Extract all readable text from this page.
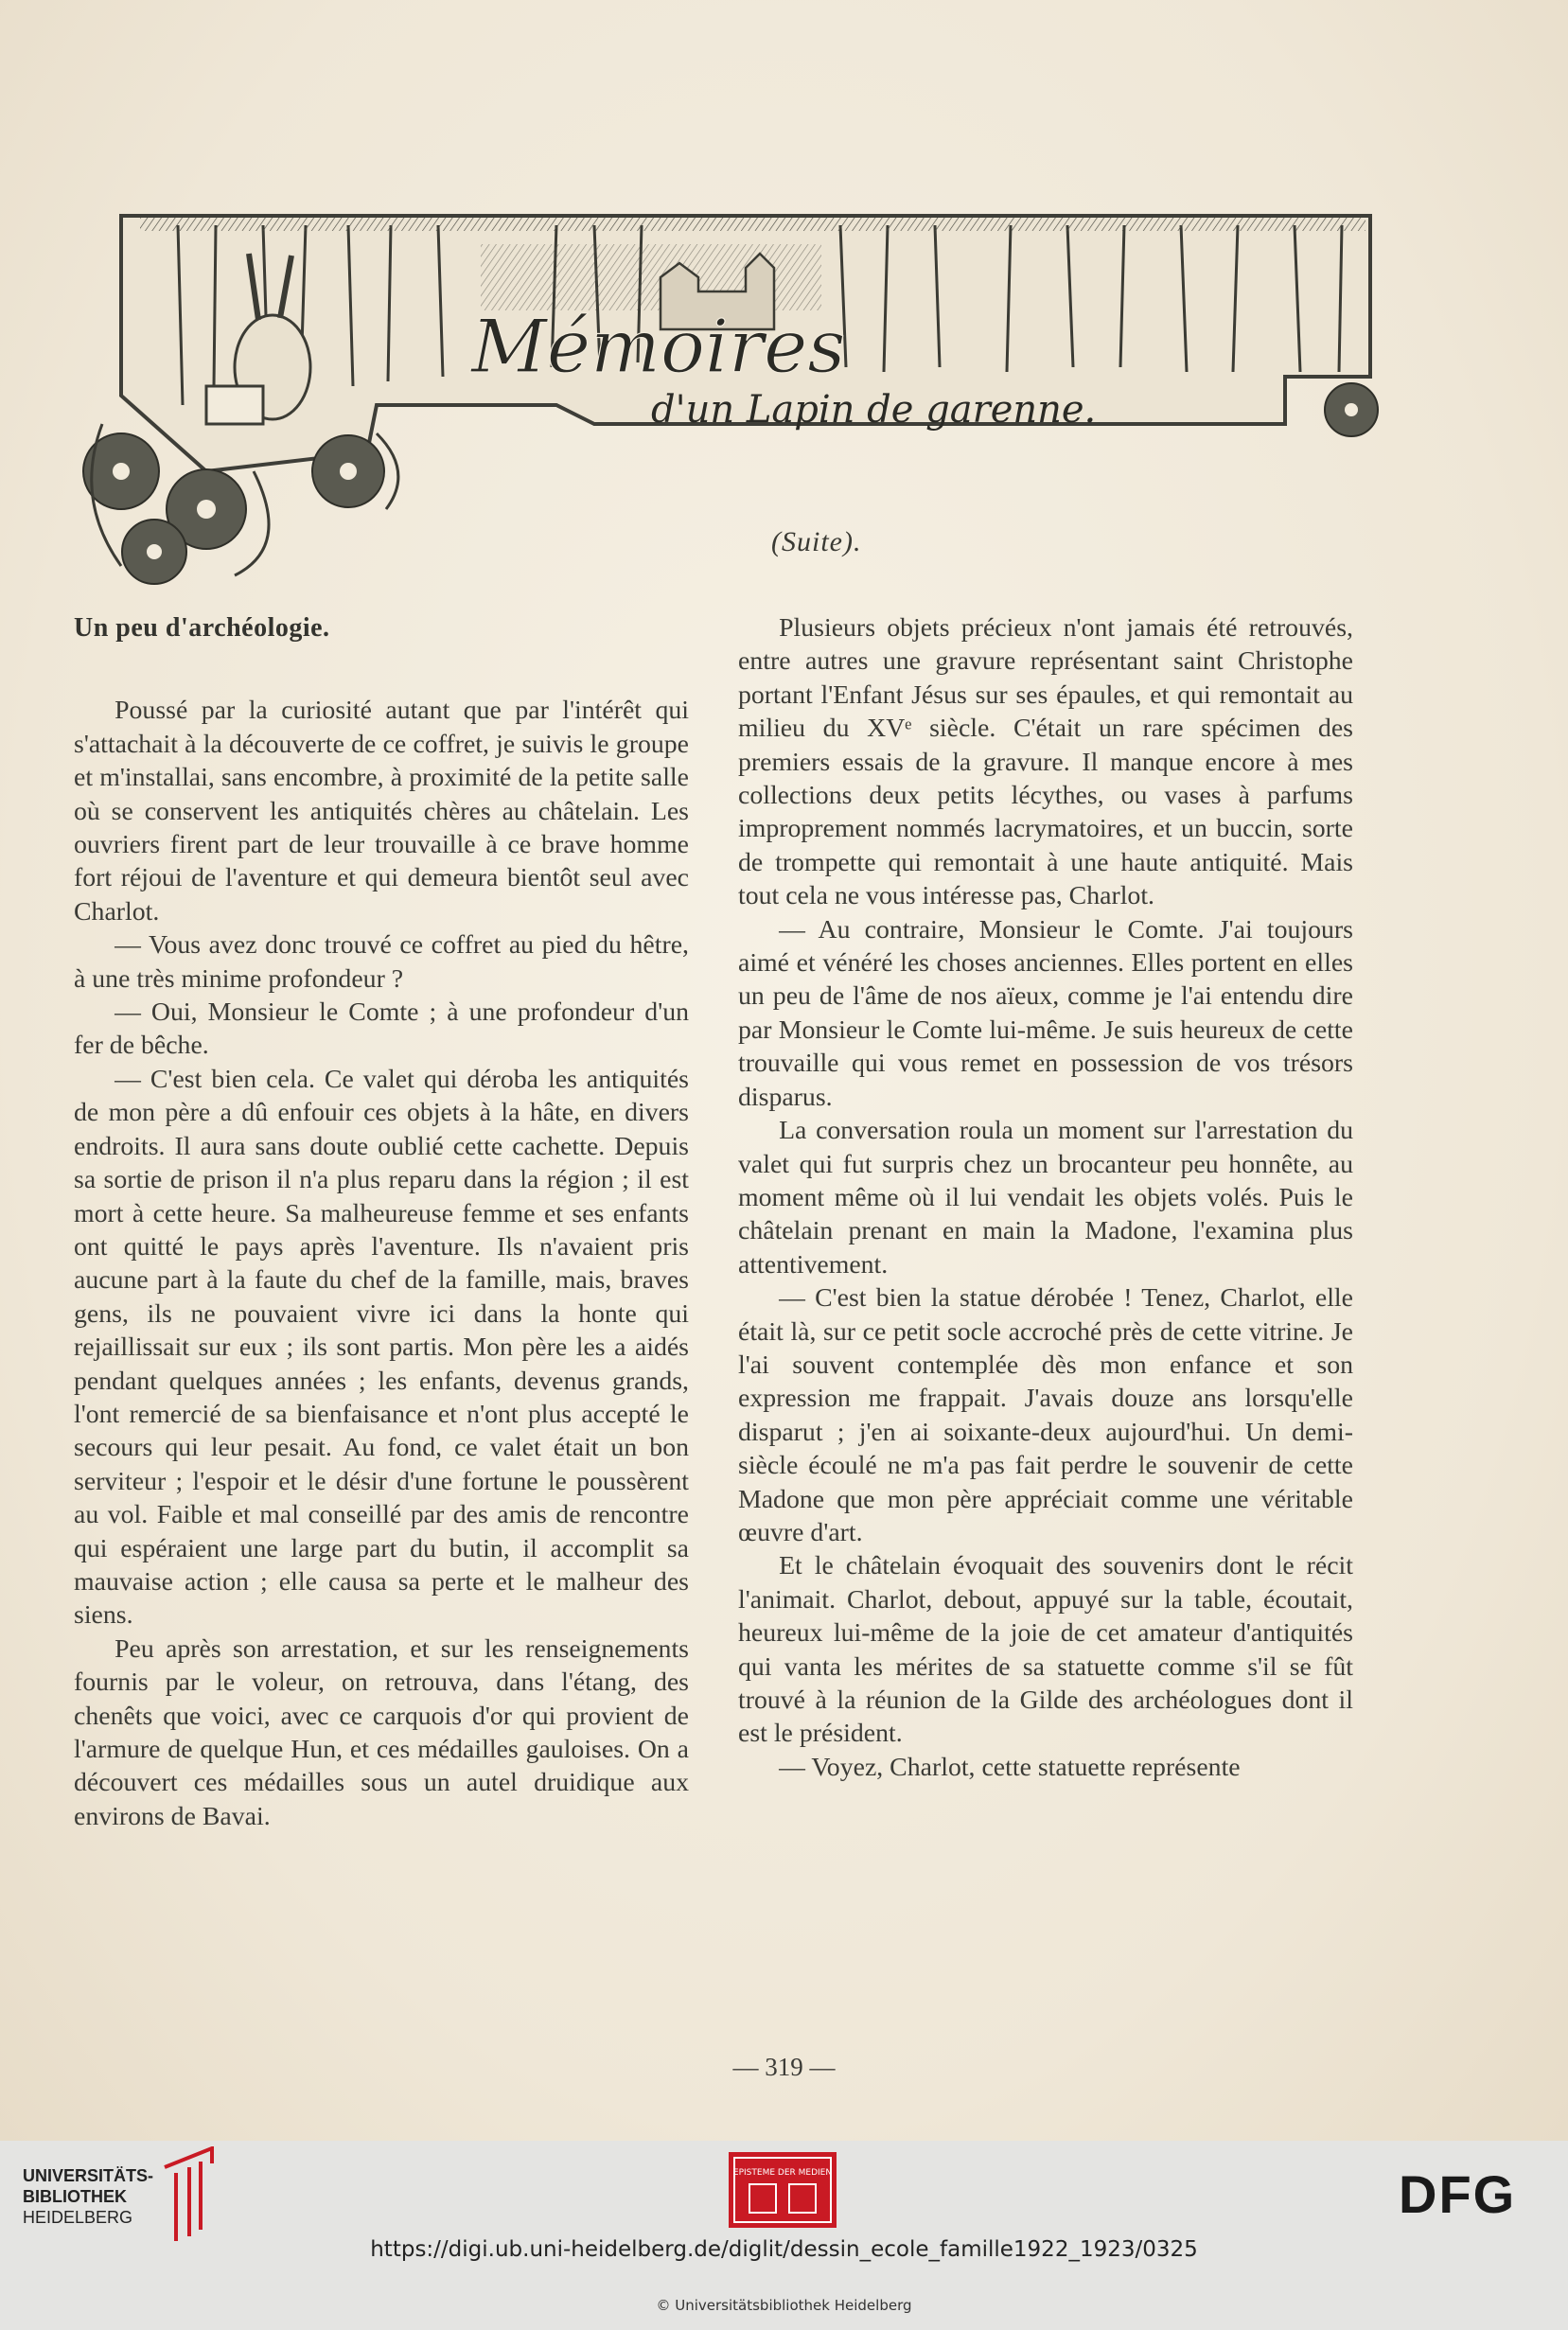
Mémoires
d'un Lapin de garenne.
(Suite).
Un peu d'archéologie.

Poussé par la curiosité autant que par l'intérêt qui s'attachait à la découverte de ce coffret, je suivis le groupe et m'installai, sans encombre, à proximité de la petite salle où se conservent les antiquités chères au châtelain. Les ouvriers firent part de leur trouvaille à ce brave homme fort réjoui de l'aventure et qui demeura bientôt seul avec Charlot.

— Vous avez donc trouvé ce coffret au pied du hêtre, à une très minime profondeur ?

— Oui, Monsieur le Comte ; à une profondeur d'un fer de bêche.

— C'est bien cela. Ce valet qui déroba les antiquités de mon père a dû enfouir ces objets à la hâte, en divers endroits. Il aura sans doute oublié cette cachette. Depuis sa sortie de prison il n'a plus reparu dans la région ; il est mort à cette heure. Sa malheureuse femme et ses enfants ont quitté le pays après l'aventure. Ils n'avaient pris aucune part à la faute du chef de la famille, mais, braves gens, ils ne pouvaient vivre ici dans la honte qui rejaillissait sur eux ; ils sont partis. Mon père les a aidés pendant quelques années ; les enfants, devenus grands, l'ont remercié de sa bienfaisance et n'ont plus accepté le secours qui leur pesait. Au fond, ce valet était un bon serviteur ; l'espoir et le désir d'une fortune le poussèrent au vol. Faible et mal conseillé par des amis de rencontre qui espéraient une large part du butin, il accomplit sa mauvaise action ; elle causa sa perte et le malheur des siens.

Peu après son arrestation, et sur les renseignements fournis par le voleur, on retrouva, dans l'étang, des chenêts que voici, avec ce carquois d'or qui provient de l'armure de quelque Hun, et ces médailles gauloises. On a découvert ces médailles sous un autel druidique aux environs de Bavai.

Plusieurs objets précieux n'ont jamais été retrouvés, entre autres une gravure représentant saint Christophe portant l'Enfant Jésus sur ses épaules, et qui remontait au milieu du XVᵉ siècle. C'était un rare spécimen des premiers essais de la gravure. Il manque encore à mes collections deux petits lécythes, ou vases à parfums improprement nommés lacrymatoires, et un buccin, sorte de trompette qui remontait à une haute antiquité. Mais tout cela ne vous intéresse pas, Charlot.

— Au contraire, Monsieur le Comte. J'ai toujours aimé et vénéré les choses anciennes. Elles portent en elles un peu de l'âme de nos aïeux, comme je l'ai entendu dire par Monsieur le Comte lui-même. Je suis heureux de cette trouvaille qui vous remet en possession de vos trésors disparus.

La conversation roula un moment sur l'arrestation du valet qui fut surpris chez un brocanteur peu honnête, au moment même où il lui vendait les objets volés. Puis le châtelain prenant en main la Madone, l'examina plus attentivement.

— C'est bien la statue dérobée ! Tenez, Charlot, elle était là, sur ce petit socle accroché près de cette vitrine. Je l'ai souvent contemplée dès mon enfance et son expression me frappait. J'avais douze ans lorsqu'elle disparut ; j'en ai soixante-deux aujourd'hui. Un demi-siècle écoulé ne m'a pas fait perdre le souvenir de cette Madone que mon père appréciait comme une véritable œuvre d'art.

Et le châtelain évoquait des souvenirs dont le récit l'animait. Charlot, debout, appuyé sur la table, écoutait, heureux lui-même de la joie de cet amateur d'antiquités qui vanta les mérites de sa statuette comme s'il se fût trouvé à la réunion de la Gilde des archéologues dont il est le président.

— Voyez, Charlot, cette statuette représente

— 319 —
UNIVERSITÄTS-
BIBLIOTHEK
HEIDELBERG
EPISTEME DER MEDIEN	DFG
https://digi.ub.uni-heidelberg.de/diglit/dessin_ecole_famille1922_1923/0325
© Universitätsbibliothek Heidelberg
